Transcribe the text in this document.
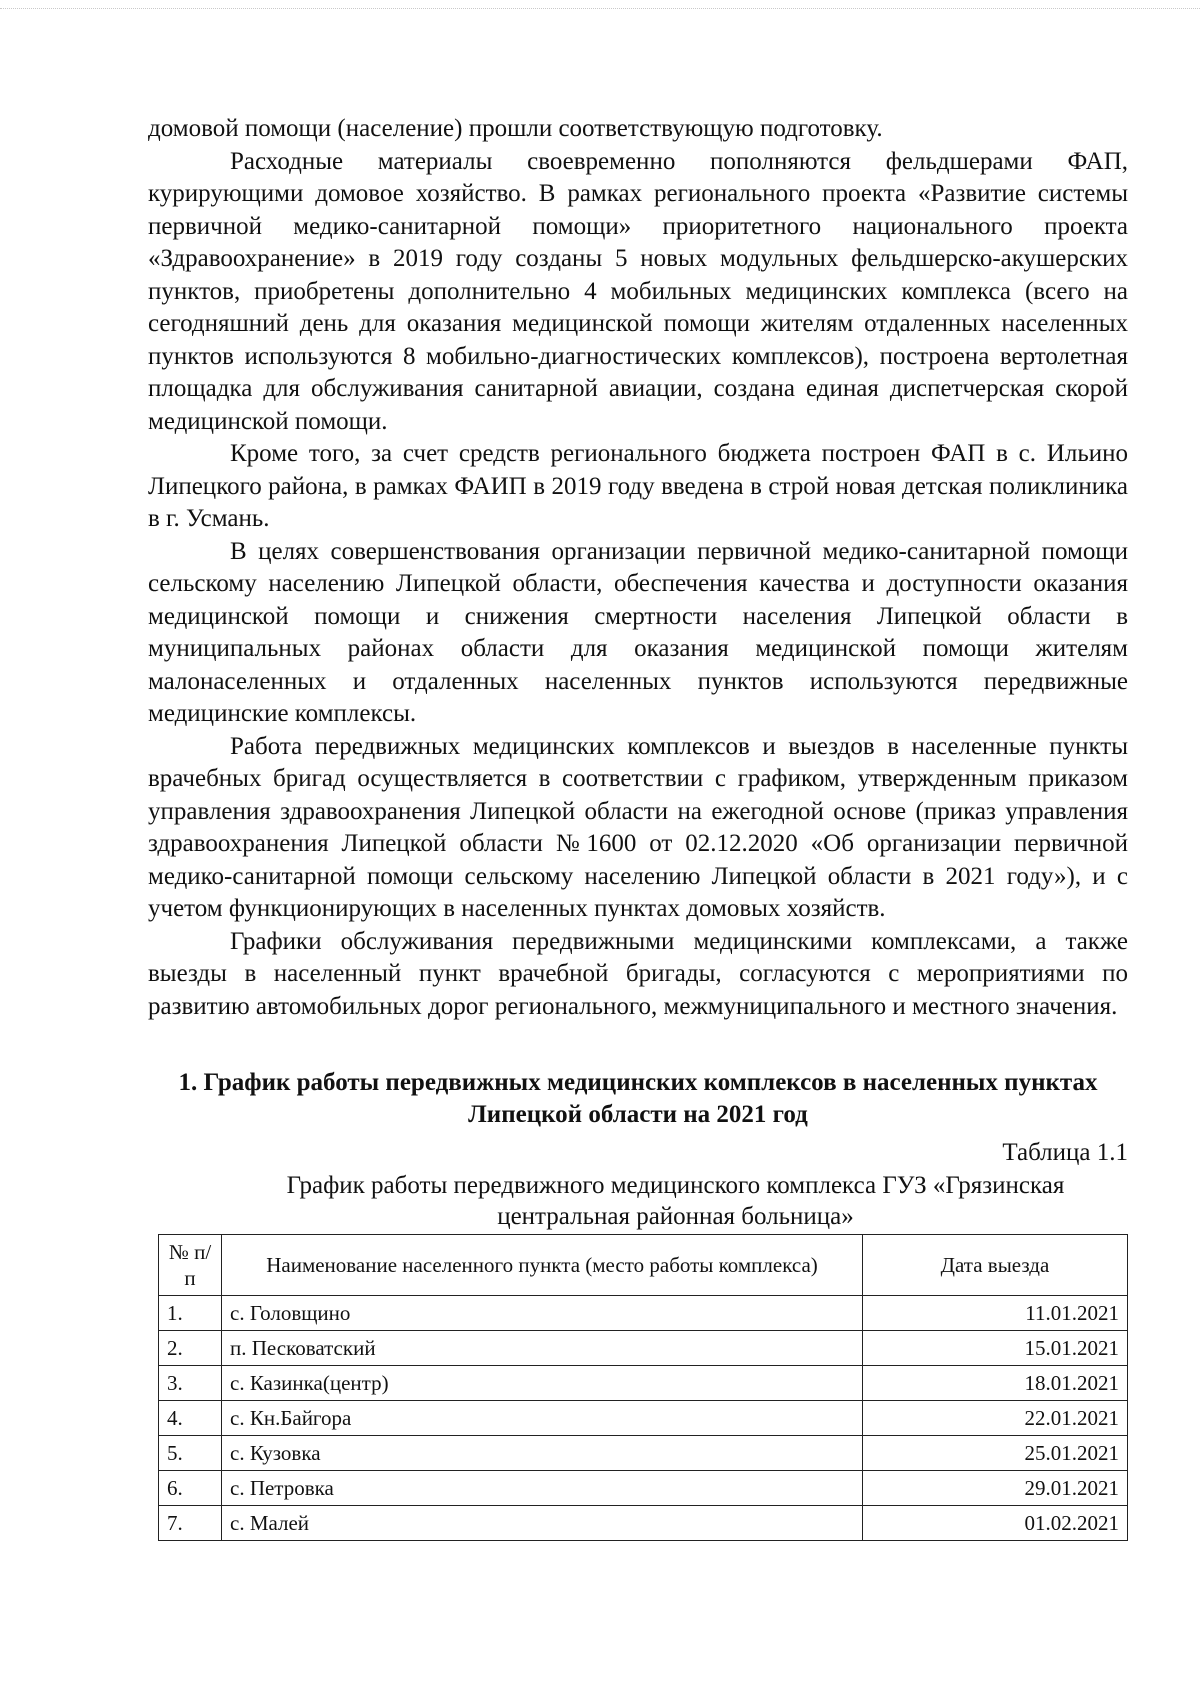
домовой помощи (население) прошли соответствующую подготовку.

Расходные материалы своевременно пополняются фельдшерами ФАП, курирующими домовое хозяйство. В рамках регионального проекта «Развитие системы первичной медико-санитарной помощи» приоритетного национального проекта «Здравоохранение» в 2019 году созданы 5 новых модульных фельдшерско-акушерских пунктов, приобретены дополнительно 4 мобильных медицинских комплекса (всего на сегодняшний день для оказания медицинской помощи жителям отдаленных населенных пунктов используются 8 мобильно-диагностических комплексов), построена вертолетная площадка для обслуживания санитарной авиации, создана единая диспетчерская скорой медицинской помощи.

Кроме того, за счет средств регионального бюджета построен ФАП в с. Ильино Липецкого района, в рамках ФАИП в 2019 году введена в строй новая детская поликлиника в г. Усмань.

В целях совершенствования организации первичной медико-санитарной помощи сельскому населению Липецкой области, обеспечения качества и доступности оказания медицинской помощи и снижения смертности населения Липецкой области в муниципальных районах области для оказания медицинской помощи жителям малонаселенных и отдаленных населенных пунктов используются передвижные медицинские комплексы.

Работа передвижных медицинских комплексов и выездов в населенные пункты врачебных бригад осуществляется в соответствии с графиком, утвержденным приказом управления здравоохранения Липецкой области на ежегодной основе (приказ управления здравоохранения Липецкой области №1600 от 02.12.2020 «Об организации первичной медико-санитарной помощи сельскому населению Липецкой области в 2021 году»), и с учетом функционирующих в населенных пунктах домовых хозяйств.

Графики обслуживания передвижными медицинскими комплексами, а также выезды в населенный пункт врачебной бригады, согласуются с мероприятиями по развитию автомобильных дорог регионального, межмуниципального и местного значения.

1. График работы передвижных медицинских комплексов в населенных пунктах Липецкой области на 2021 год
Таблица 1.1
График работы передвижного медицинского комплекса ГУЗ «Грязинская центральная районная больница»
№ п/п	Наименование населенного пункта (место работы комплекса)	Дата выезда
1.	с. Головщино	11.01.2021
2.	п. Песковатский	15.01.2021
3.	с. Казинка(центр)	18.01.2021
4.	с. Кн.Байгора	22.01.2021
5.	с. Кузовка	25.01.2021
6.	с. Петровка	29.01.2021
7.	с. Малей	01.02.2021
